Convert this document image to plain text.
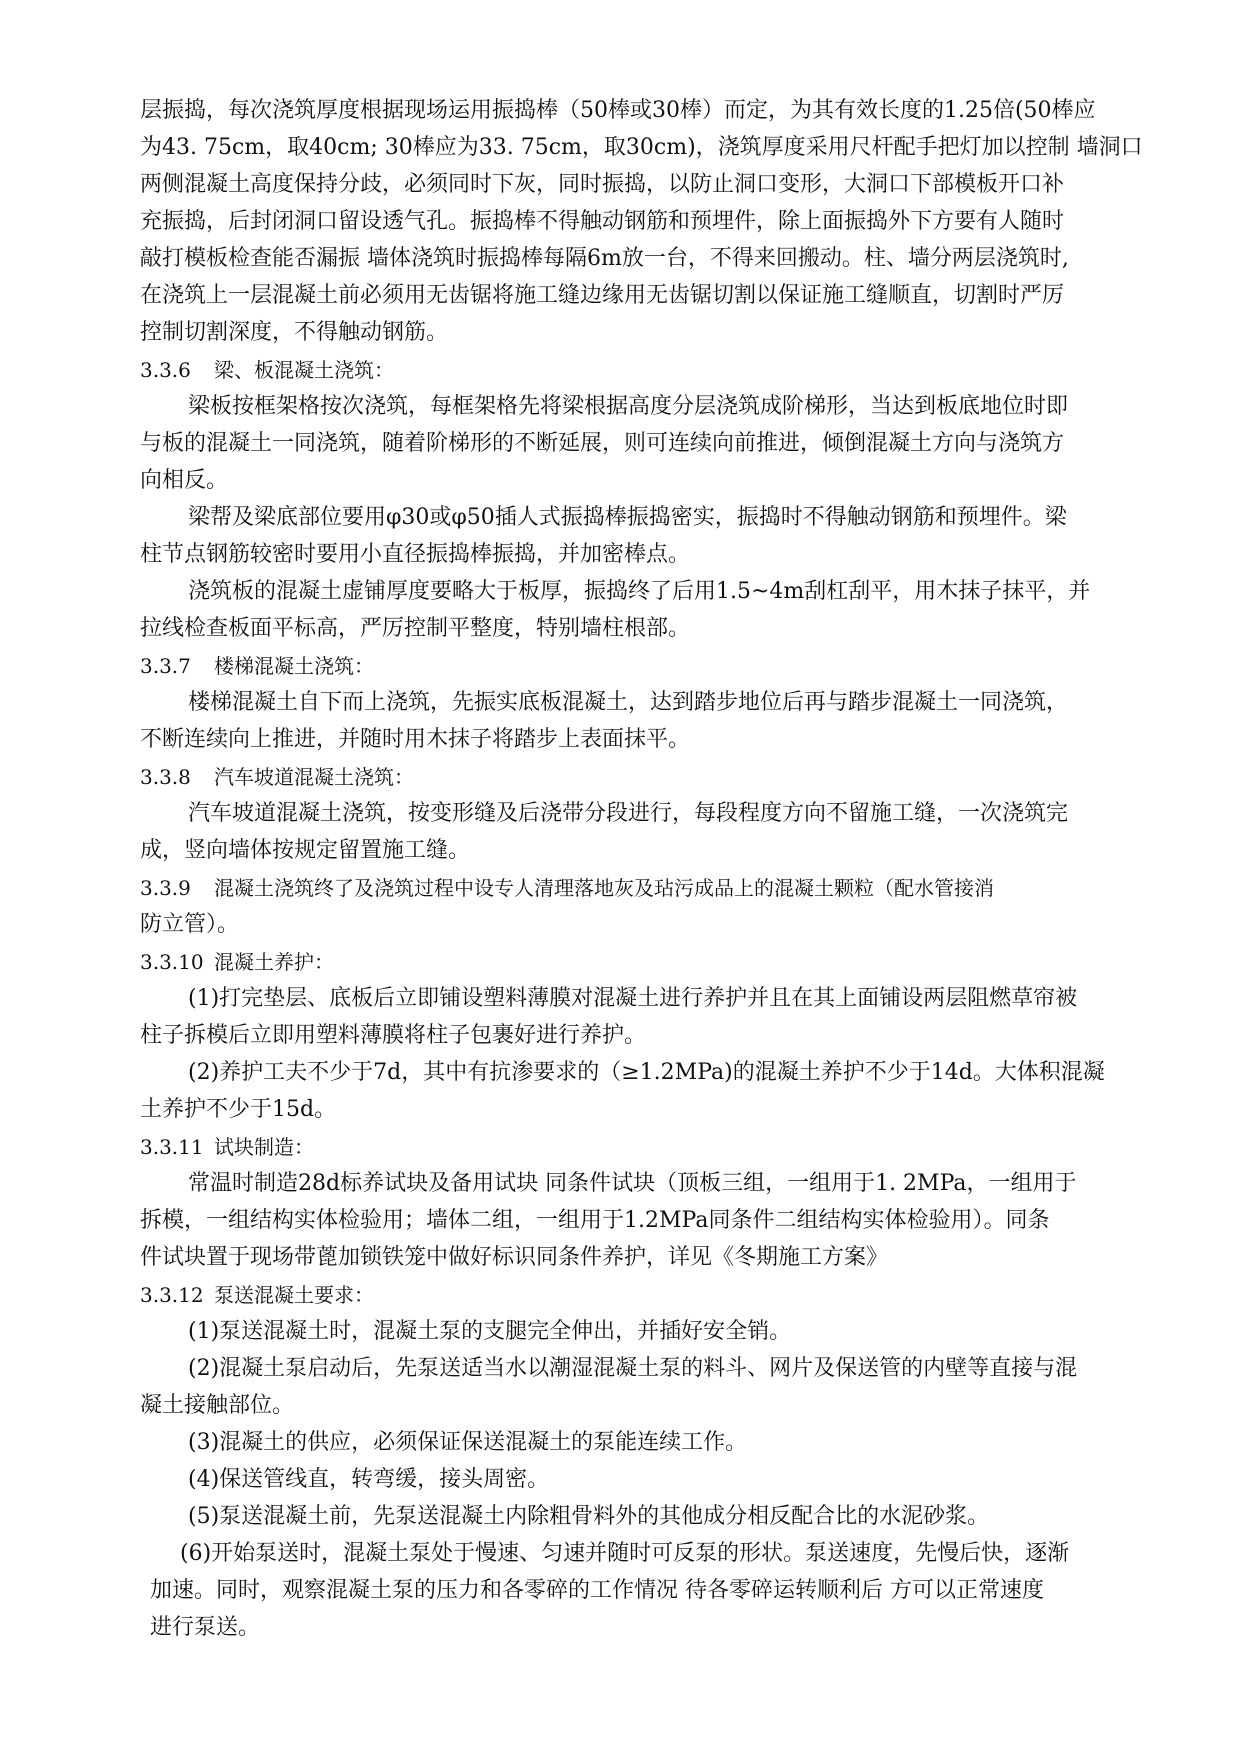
层振捣，每次浇筑厚度根据现场运用振捣棒（50棒或30棒）而定，为其有效长度的1.25倍(50棒应
为43. 75cm，取40cm; 30棒应为33. 75cm，取30cm)，浇筑厚度采用尺杆配手把灯加以控制 墙洞口
两侧混凝土高度保持分歧，必须同时下灰，同时振捣，以防止洞口变形，大洞口下部模板开口补
充振捣，后封闭洞口留设透气孔。振捣棒不得触动钢筋和预埋件，除上面振捣外下方要有人随时
敲打模板检查能否漏振 墙体浇筑时振捣棒每隔6m放一台，不得来回搬动。柱、墙分两层浇筑时,
在浇筑上一层混凝土前必须用无齿锯将施工缝边缘用无齿锯切割以保证施工缝顺直，切割时严厉
控制切割深度，不得触动钢筋。
3.3.6 梁、板混凝土浇筑：
梁板按框架格按次浇筑，每框架格先将梁根据高度分层浇筑成阶梯形，当达到板底地位时即
与板的混凝土一同浇筑，随着阶梯形的不断延展，则可连续向前推进，倾倒混凝土方向与浇筑方
向相反。
梁帮及梁底部位要用φ30或φ50插人式振捣棒振捣密实，振捣时不得触动钢筋和预埋件。梁
柱节点钢筋较密时要用小直径振捣棒振捣，并加密棒点。
浇筑板的混凝土虚铺厚度要略大于板厚，振捣终了后用1.5~4m刮杠刮平，用木抹子抹平，并
拉线检查板面平标高，严厉控制平整度，特别墙柱根部。
3.3.7 楼梯混凝土浇筑：
楼梯混凝土自下而上浇筑，先振实底板混凝土，达到踏步地位后再与踏步混凝土一同浇筑，
不断连续向上推进，并随时用木抹子将踏步上表面抹平。
3.3.8 汽车坡道混凝土浇筑：
汽车坡道混凝土浇筑，按变形缝及后浇带分段进行，每段程度方向不留施工缝，一次浇筑完
成，竖向墙体按规定留置施工缝。
3.3.9 混凝土浇筑终了及浇筑过程中设专人清理落地灰及玷污成品上的混凝土颗粒（配水管接消
防立管）。
3.3.10 混凝土养护：
(1)打完垫层、底板后立即铺设塑料薄膜对混凝土进行养护并且在其上面铺设两层阻燃草帘被
柱子拆模后立即用塑料薄膜将柱子包裹好进行养护。
(2)养护工夫不少于7d，其中有抗渗要求的（≥1.2MPa)的混凝土养护不少于14d。大体积混凝
土养护不少于15d。
3.3.11 试块制造：
常温时制造28d标养试块及备用试块 同条件试块（顶板三组，一组用于1. 2MPa，一组用于
拆模，一组结构实体检验用；墙体二组，一组用于1.2MPa同条件二组结构实体检验用）。同条
件试块置于现场带蓖加锁铁笼中做好标识同条件养护，详见《冬期施工方案》
3.3.12 泵送混凝土要求：
(1)泵送混凝土时，混凝土泵的支腿完全伸出，并插好安全销。
(2)混凝土泵启动后，先泵送适当水以潮湿混凝土泵的料斗、网片及保送管的内壁等直接与混
凝土接触部位。
(3)混凝土的供应，必须保证保送混凝土的泵能连续工作。
(4)保送管线直，转弯缓，接头周密。
(5)泵送混凝土前，先泵送混凝土内除粗骨料外的其他成分相反配合比的水泥砂浆。
(6)开始泵送时，混凝土泵处于慢速、匀速并随时可反泵的形状。泵送速度，先慢后快，逐渐
加速。同时，观察混凝土泵的压力和各零碎的工作情况 待各零碎运转顺利后 方可以正常速度
进行泵送。
